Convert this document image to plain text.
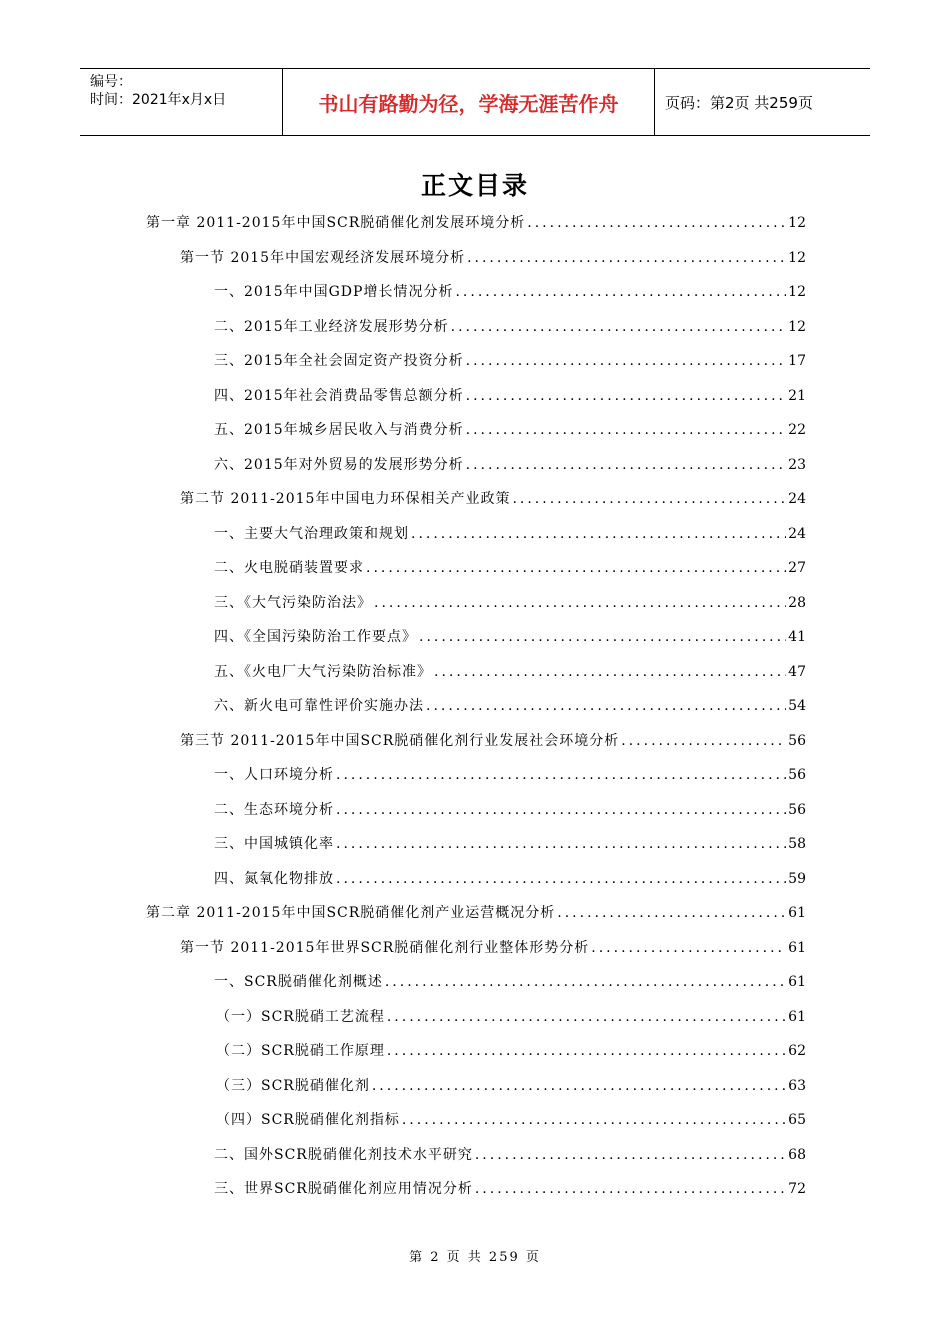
编号：
时间：2021年x月x日	书山有路勤为径，学海无涯苦作舟	页码：第2页 共259页
正文目录
第一章 2011-2015年中国SCR脱硝催化剂发展环境分析 .....	12
第一节 2015年中国宏观经济发展环境分析 .....	12
一、2015年中国GDP增长情况分析 .....	12
二、2015年工业经济发展形势分析 .....	12
三、2015年全社会固定资产投资分析 .....	17
四、2015年社会消费品零售总额分析 .....	21
五、2015年城乡居民收入与消费分析 .....	22
六、2015年对外贸易的发展形势分析 .....	23
第二节 2011-2015年中国电力环保相关产业政策 .....	24
一、主要大气治理政策和规划 .....	24
二、火电脱硝装置要求 .....	27
三、《大气污染防治法》 .....	28
四、《全国污染防治工作要点》 .....	41
五、《火电厂大气污染防治标准》 .....	47
六、新火电可靠性评价实施办法 .....	54
第三节 2011-2015年中国SCR脱硝催化剂行业发展社会环境分析 .....	56
一、人口环境分析 .....	56
二、生态环境分析 .....	56
三、中国城镇化率 .....	58
四、氮氧化物排放 .....	59
第二章 2011-2015年中国SCR脱硝催化剂产业运营概况分析 .....	61
第一节 2011-2015年世界SCR脱硝催化剂行业整体形势分析 .....	61
一、SCR脱硝催化剂概述 .....	61
（一）SCR脱硝工艺流程 .....	61
（二）SCR脱硝工作原理 .....	62
（三）SCR脱硝催化剂 .....	63
（四）SCR脱硝催化剂指标 .....	65
二、国外SCR脱硝催化剂技术水平研究 .....	68
三、世界SCR脱硝催化剂应用情况分析 .....	72
第 2 页 共 259 页
